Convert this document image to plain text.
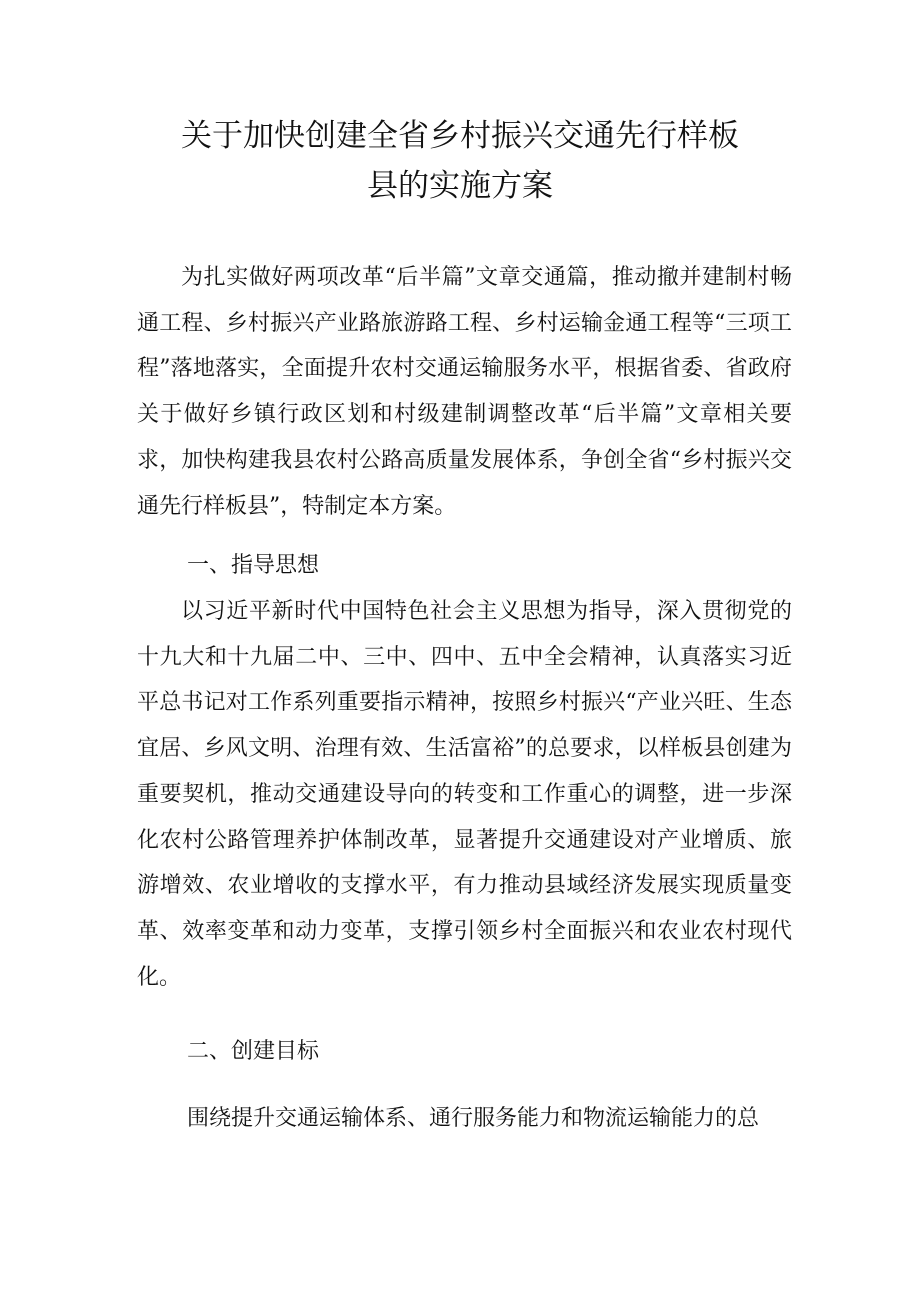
关于加快创建全省乡村振兴交通先行样板
县的实施方案

为扎实做好两项改革“后半篇”文章交通篇，推动撤并建制村畅通工程、乡村振兴产业路旅游路工程、乡村运输金通工程等“三项工程”落地落实，全面提升农村交通运输服务水平，根据省委、省政府关于做好乡镇行政区划和村级建制调整改革“后半篇”文章相关要求，加快构建我县农村公路高质量发展体系，争创全省“乡村振兴交通先行样板县”，特制定本方案。

一、指导思想

以习近平新时代中国特色社会主义思想为指导，深入贯彻党的十九大和十九届二中、三中、四中、五中全会精神，认真落实习近平总书记对工作系列重要指示精神，按照乡村振兴“产业兴旺、生态宜居、乡风文明、治理有效、生活富裕”的总要求，以样板县创建为重要契机，推动交通建设导向的转变和工作重心的调整，进一步深化农村公路管理养护体制改革，显著提升交通建设对产业增质、旅游增效、农业增收的支撑水平，有力推动县域经济发展实现质量变革、效率变革和动力变革，支撑引领乡村全面振兴和农业农村现代化。

二、创建目标

围绕提升交通运输体系、通行服务能力和物流运输能力的总
